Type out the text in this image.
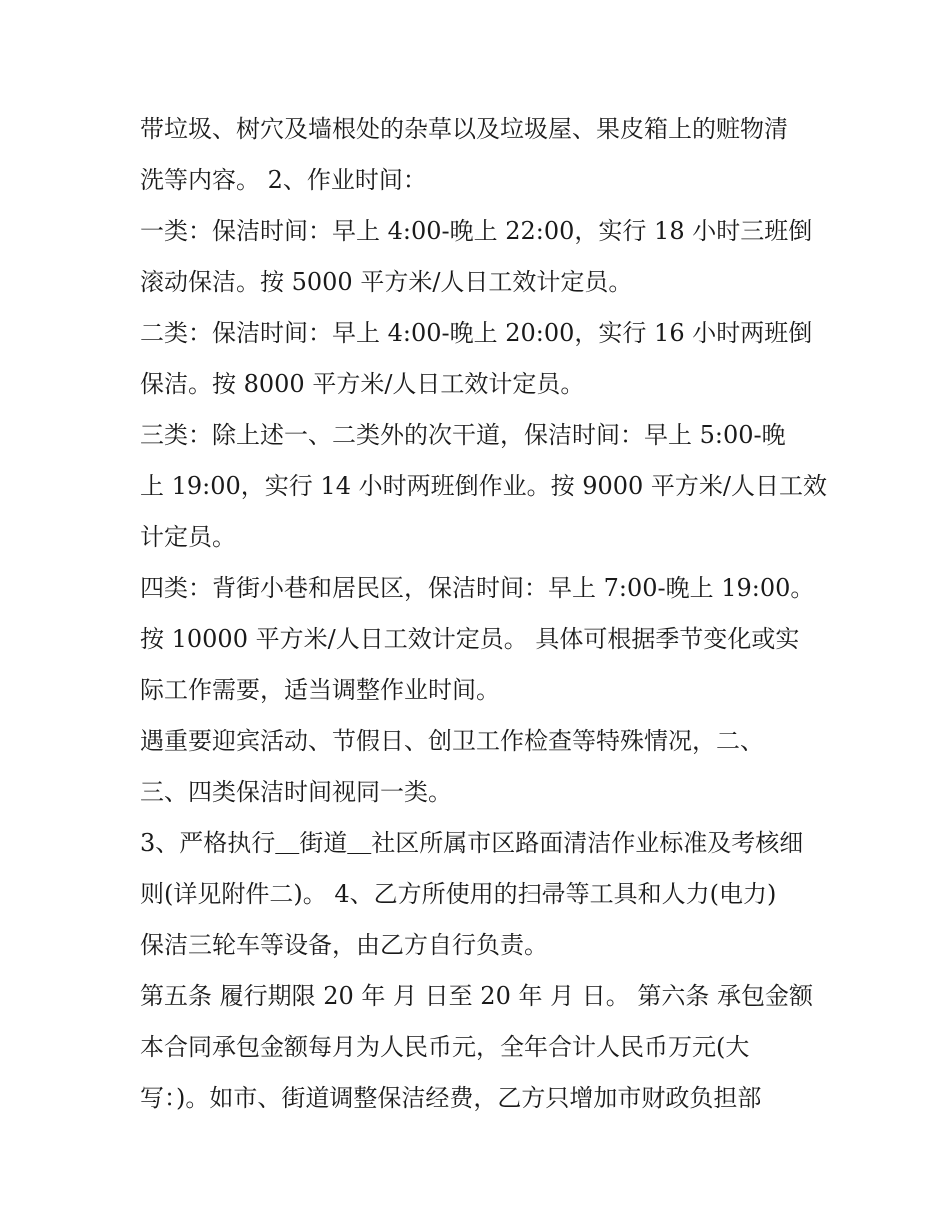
带垃圾、树穴及墙根处的杂草以及垃圾屋、果皮箱上的赃物清
洗等内容。 2、作业时间：
一类：保洁时间：早上 4:00-晚上 22:00，实行 18 小时三班倒
滚动保洁。按 5000 平方米/人日工效计定员。
二类：保洁时间：早上 4:00-晚上 20:00，实行 16 小时两班倒
保洁。按 8000 平方米/人日工效计定员。
三类：除上述一、二类外的次干道，保洁时间：早上 5:00-晚
上 19:00，实行 14 小时两班倒作业。按 9000 平方米/人日工效
计定员。
四类：背街小巷和居民区，保洁时间：早上 7:00-晚上 19:00。
按 10000 平方米/人日工效计定员。 具体可根据季节变化或实
际工作需要，适当调整作业时间。
遇重要迎宾活动、节假日、创卫工作检查等特殊情况，二、
三、四类保洁时间视同一类。
3、严格执行＿街道＿社区所属市区路面清洁作业标准及考核细
则(详见附件二)。 4、乙方所使用的扫帚等工具和人力(电力)
保洁三轮车等设备，由乙方自行负责。
第五条 履行期限 20 年 月 日至 20 年 月 日。 第六条 承包金额
本合同承包金额每月为人民币元，全年合计人民币万元(大
写：)。如市、街道调整保洁经费，乙方只增加市财政负担部
